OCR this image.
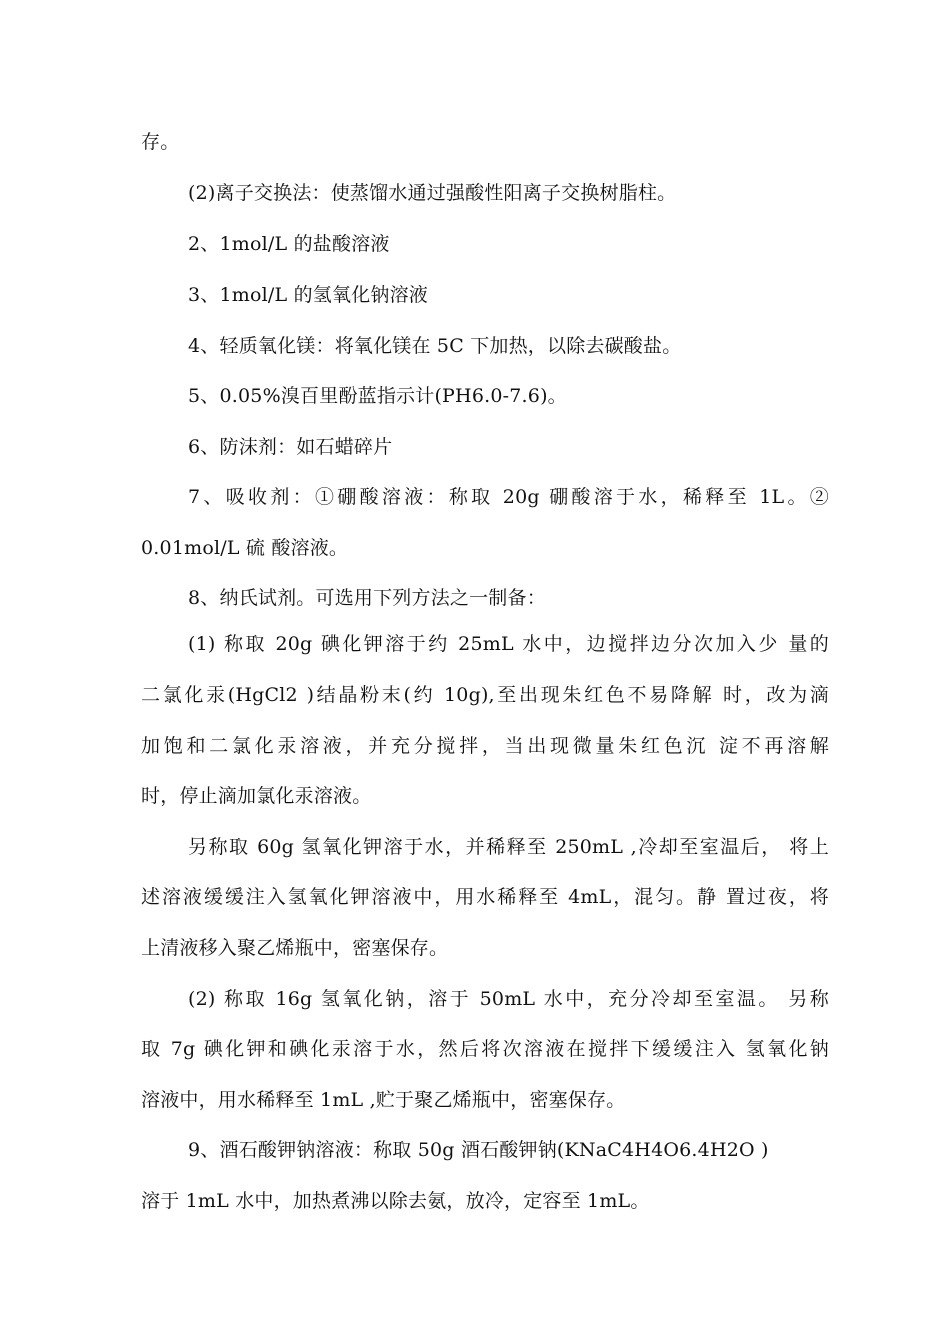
存。
(2)离子交换法：使蒸馏水通过强酸性阳离子交换树脂柱。
2、1mol/L 的盐酸溶液
3、1mol/L 的氢氧化钠溶液
4、轻质氧化镁：将氧化镁在 5C 下加热，以除去碳酸盐。
5、0.05%溴百里酚蓝指示计(PH6.0-7.6)。
6、防沫剂：如石蜡碎片
7、吸收剂：①硼酸溶液：称取 20g 硼酸溶于水，稀释至 1L。②
0.01mol/L 硫 酸溶液。
8、纳氏试剂。可选用下列方法之一制备：
(1) 称取 20g 碘化钾溶于约 25mL 水中，边搅拌边分次加入少 量的
二氯化汞(HgCl2 )结晶粉末(约 10g),至出现朱红色不易降解 时，改为滴
加饱和二氯化汞溶液，并充分搅拌，当出现微量朱红色沉 淀不再溶解
时，停止滴加氯化汞溶液。
另称取 60g 氢氧化钾溶于水，并稀释至 250mL ,冷却至室温后， 将上
述溶液缓缓注入氢氧化钾溶液中，用水稀释至 4mL，混匀。静 置过夜，将
上清液移入聚乙烯瓶中，密塞保存。
(2) 称取 16g 氢氧化钠，溶于 50mL 水中，充分冷却至室温。 另称
取 7g 碘化钾和碘化汞溶于水，然后将次溶液在搅拌下缓缓注入 氢氧化钠
溶液中，用水稀释至 1mL ,贮于聚乙烯瓶中，密塞保存。
9、酒石酸钾钠溶液：称取 50g 酒石酸钾钠(KNaC4H4O6.4H2O )
溶于 1mL 水中，加热煮沸以除去氨，放冷，定容至 1mL。
